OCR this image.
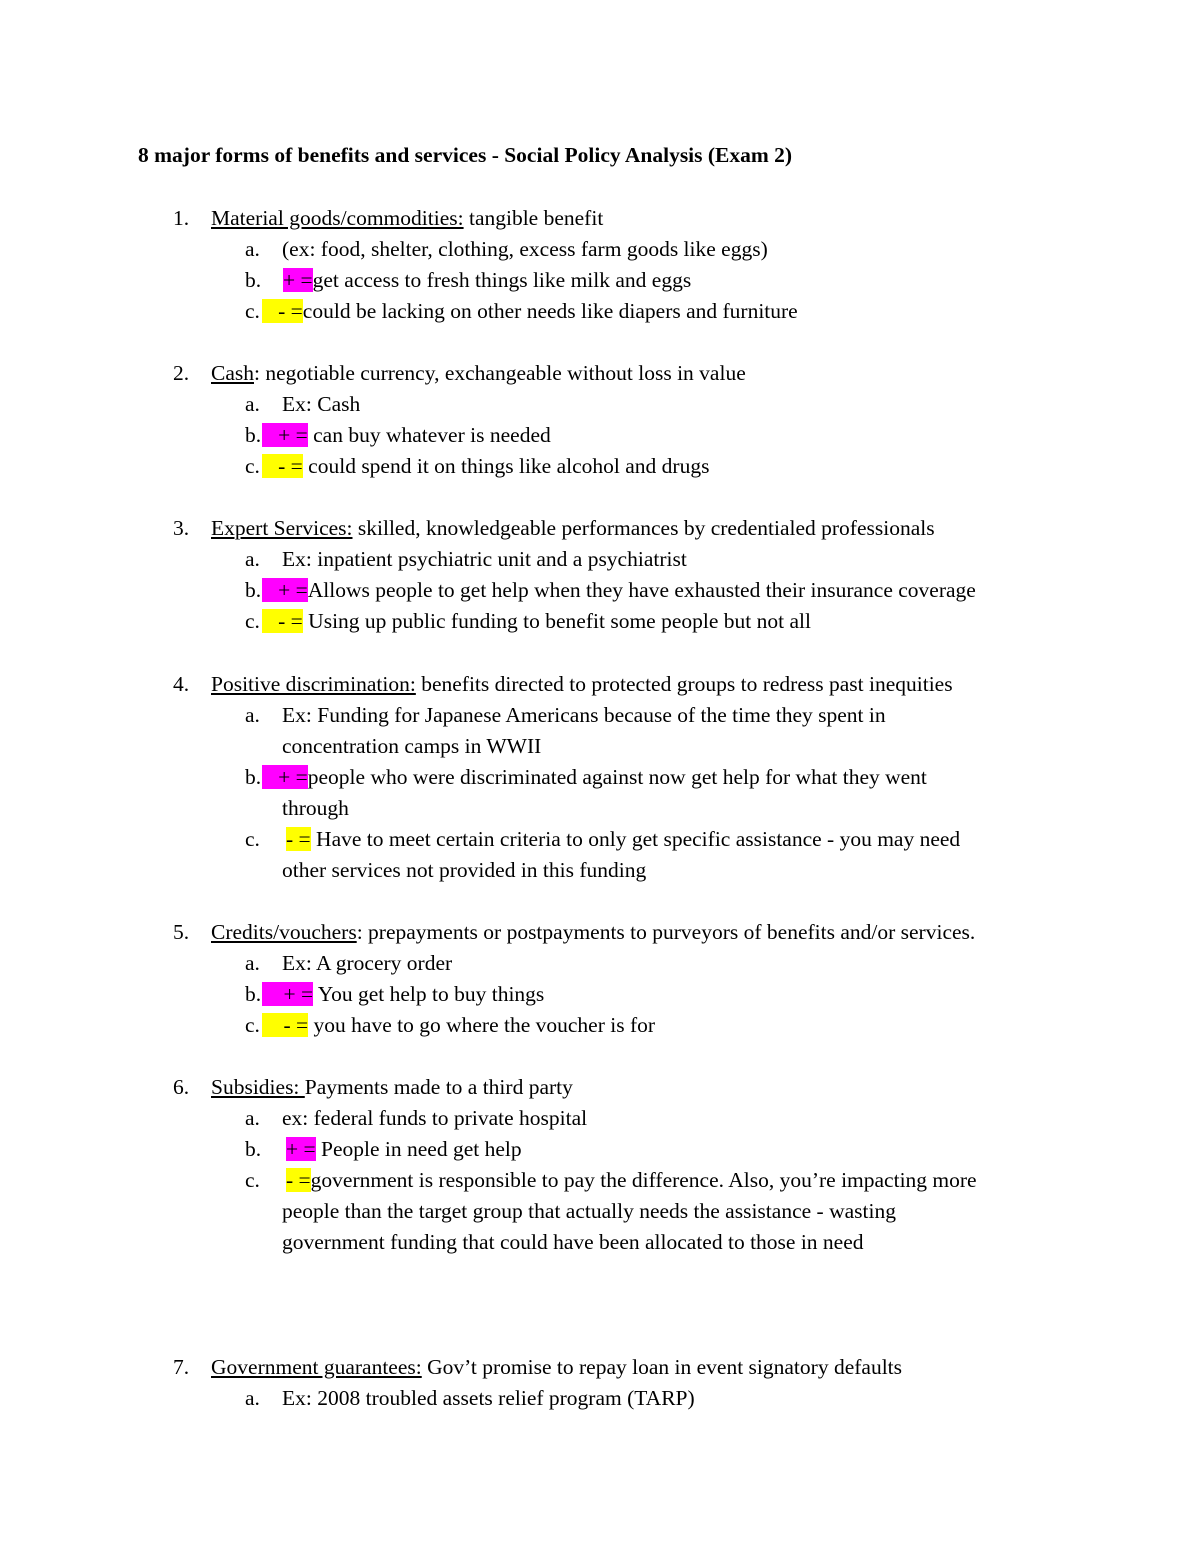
8 major forms of benefits and services - Social Policy Analysis (Exam 2)
1. Material goods/commodities: tangible benefit
a. (ex: food, shelter, clothing, excess farm goods like eggs)
b. + =get access to fresh things like milk and eggs
c. - =could be lacking on other needs like diapers and furniture
2. Cash: negotiable currency, exchangeable without loss in value
a. Ex: Cash
b. + = can buy whatever is needed
c. - = could spend it on things like alcohol and drugs
3. Expert Services: skilled, knowledgeable performances by credentialed professionals
a. Ex: inpatient psychiatric unit and a psychiatrist
b. + =Allows people to get help when they have exhausted their insurance coverage
c. - = Using up public funding to benefit some people but not all
4. Positive discrimination: benefits directed to protected groups to redress past inequities
a. Ex: Funding for Japanese Americans because of the time they spent in
concentration camps in WWII
b. + =people who were discriminated against now get help for what they went
through
c. - = Have to meet certain criteria to only get specific assistance - you may need
other services not provided in this funding
5. Credits/vouchers: prepayments or postpayments to purveyors of benefits and/or services.
a. Ex: A grocery order
b.	+ = You get help to buy things
c.	- = you have to go where the voucher is for
6. Subsidies: Payments made to a third party
a. ex: federal funds to private hospital
b. + = People in need get help
c. - =government is responsible to pay the difference. Also, you’re impacting more
people than the target group that actually needs the assistance - wasting
government funding that could have been allocated to those in need
7. Government guarantees: Gov’t promise to repay loan in event signatory defaults
a. Ex: 2008 troubled assets relief program (TARP)
